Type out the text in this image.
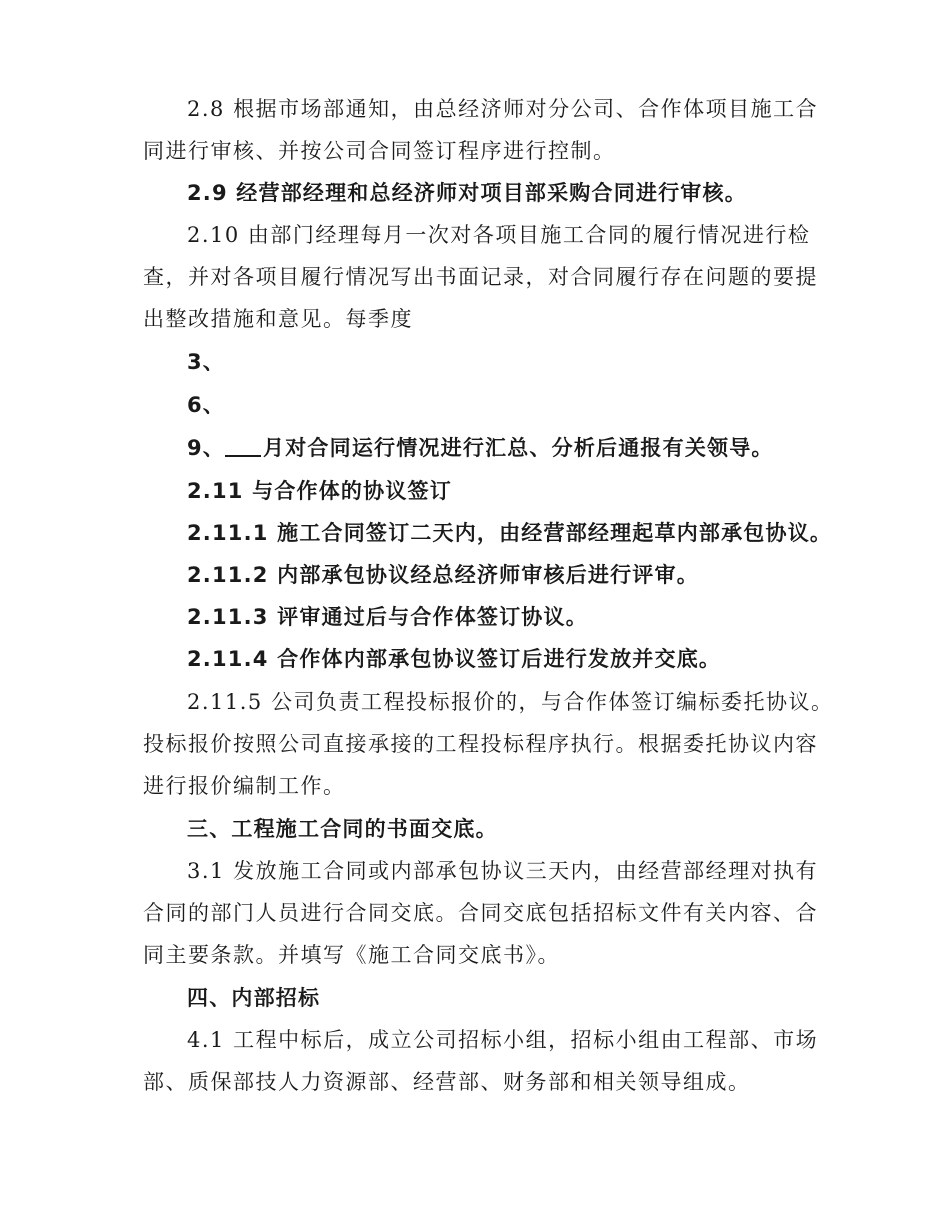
2.8 根据市场部通知，由总经济师对分公司、合作体项目施工合
同进行审核、并按公司合同签订程序进行控制。
2.9 经营部经理和总经济师对项目部采购合同进行审核。
2.10 由部门经理每月一次对各项目施工合同的履行情况进行检
查，并对各项目履行情况写出书面记录，对合同履行存在问题的要提
出整改措施和意见。每季度
3、
6、
9、 月对合同运行情况进行汇总、分析后通报有关领导。
2.11 与合作体的协议签订
2.11.1 施工合同签订二天内，由经营部经理起草内部承包协议。
2.11.2 内部承包协议经总经济师审核后进行评审。
2.11.3 评审通过后与合作体签订协议。
2.11.4 合作体内部承包协议签订后进行发放并交底。
2.11.5 公司负责工程投标报价的，与合作体签订编标委托协议。
投标报价按照公司直接承接的工程投标程序执行。根据委托协议内容
进行报价编制工作。
三、工程施工合同的书面交底。
3.1 发放施工合同或内部承包协议三天内，由经营部经理对执有
合同的部门人员进行合同交底。合同交底包括招标文件有关内容、合
同主要条款。并填写《施工合同交底书》。
四、内部招标
4.1 工程中标后，成立公司招标小组，招标小组由工程部、市场
部、质保部技人力资源部、经营部、财务部和相关领导组成。
